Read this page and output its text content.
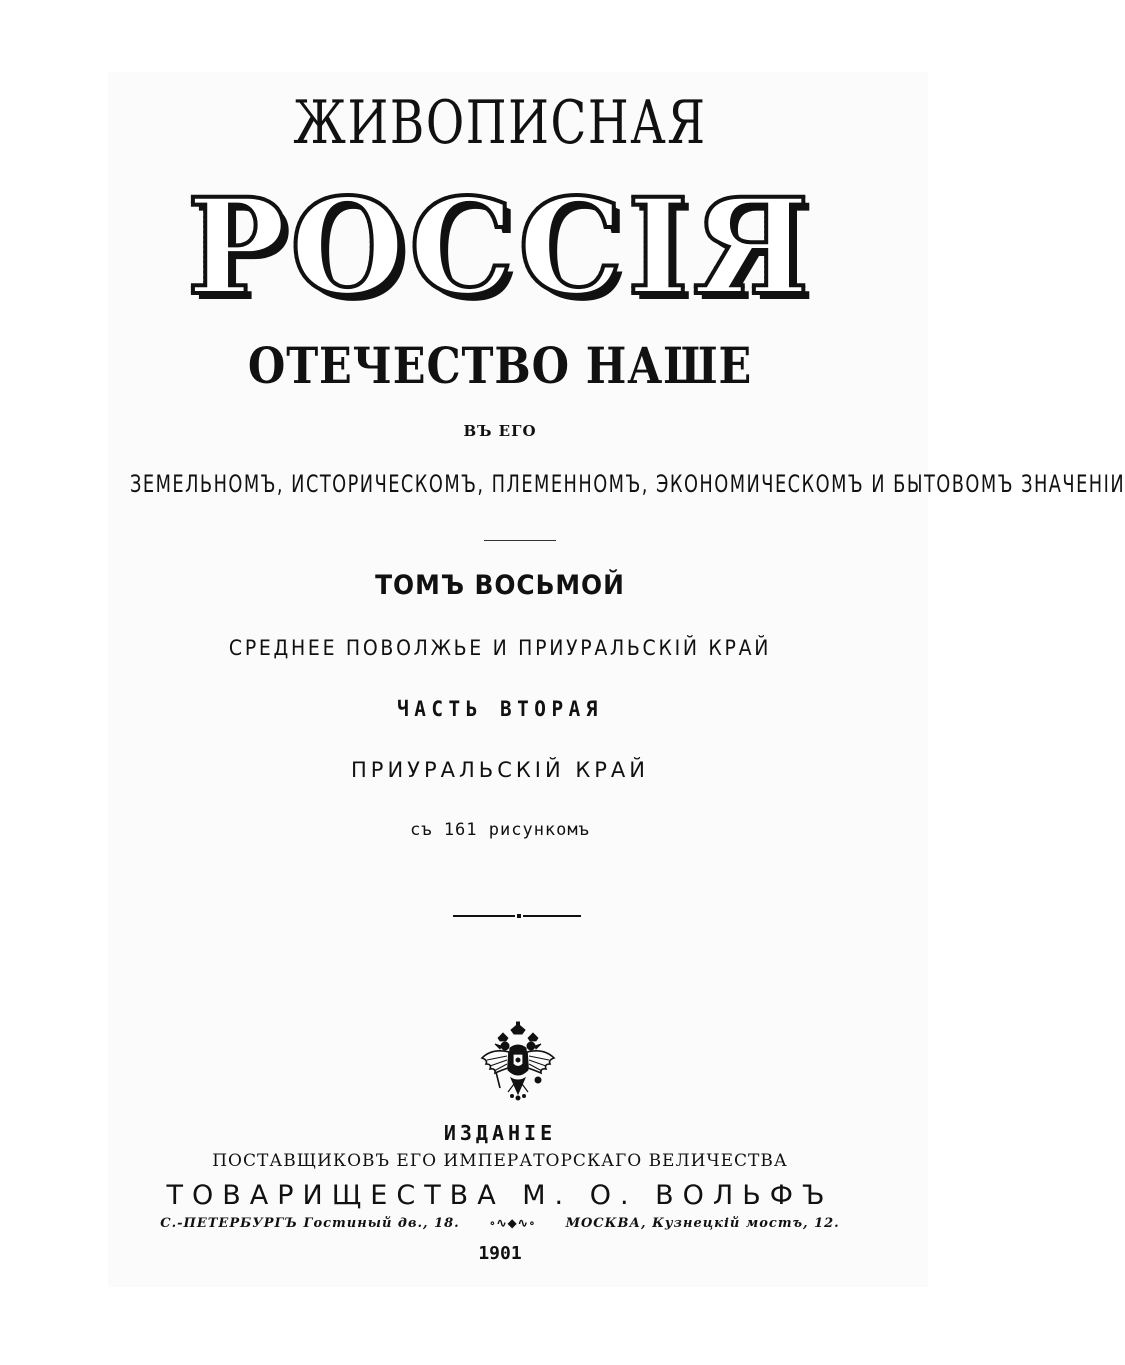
ЖИВОПИСНАЯ
РОССІЯ
ОТЕЧЕСТВО НАШЕ
ВЪ ЕГО
ЗЕМЕЛЬНОМЪ, ИСТОРИЧЕСКОМЪ, ПЛЕМЕННОМЪ, ЭКОНОМИЧЕСКОМЪ И БЫТОВОМЪ ЗНАЧЕНІИ
ТОМЪ ВОСЬМОЙ
СРЕДНЕЕ ПОВОЛЖЬЕ И ПРИУРАЛЬСКІЙ КРАЙ
ЧАСТЬ ВТОРАЯ
ПРИУРАЛЬСКІЙ КРАЙ
съ 161 рисункомъ
ИЗДАНІЕ
ПОСТАВЩИКОВЪ ЕГО ИМПЕРАТОРСКАГО ВЕЛИЧЕСТВА
ТОВАРИЩЕСТВА М. О. ВОЛЬФЪ
С.-ПЕТЕРБУРГЪ Гостиный дв., 18. ∘∿◆∿∘ МОСКВА, Кузнецкій мостъ, 12.
1901
